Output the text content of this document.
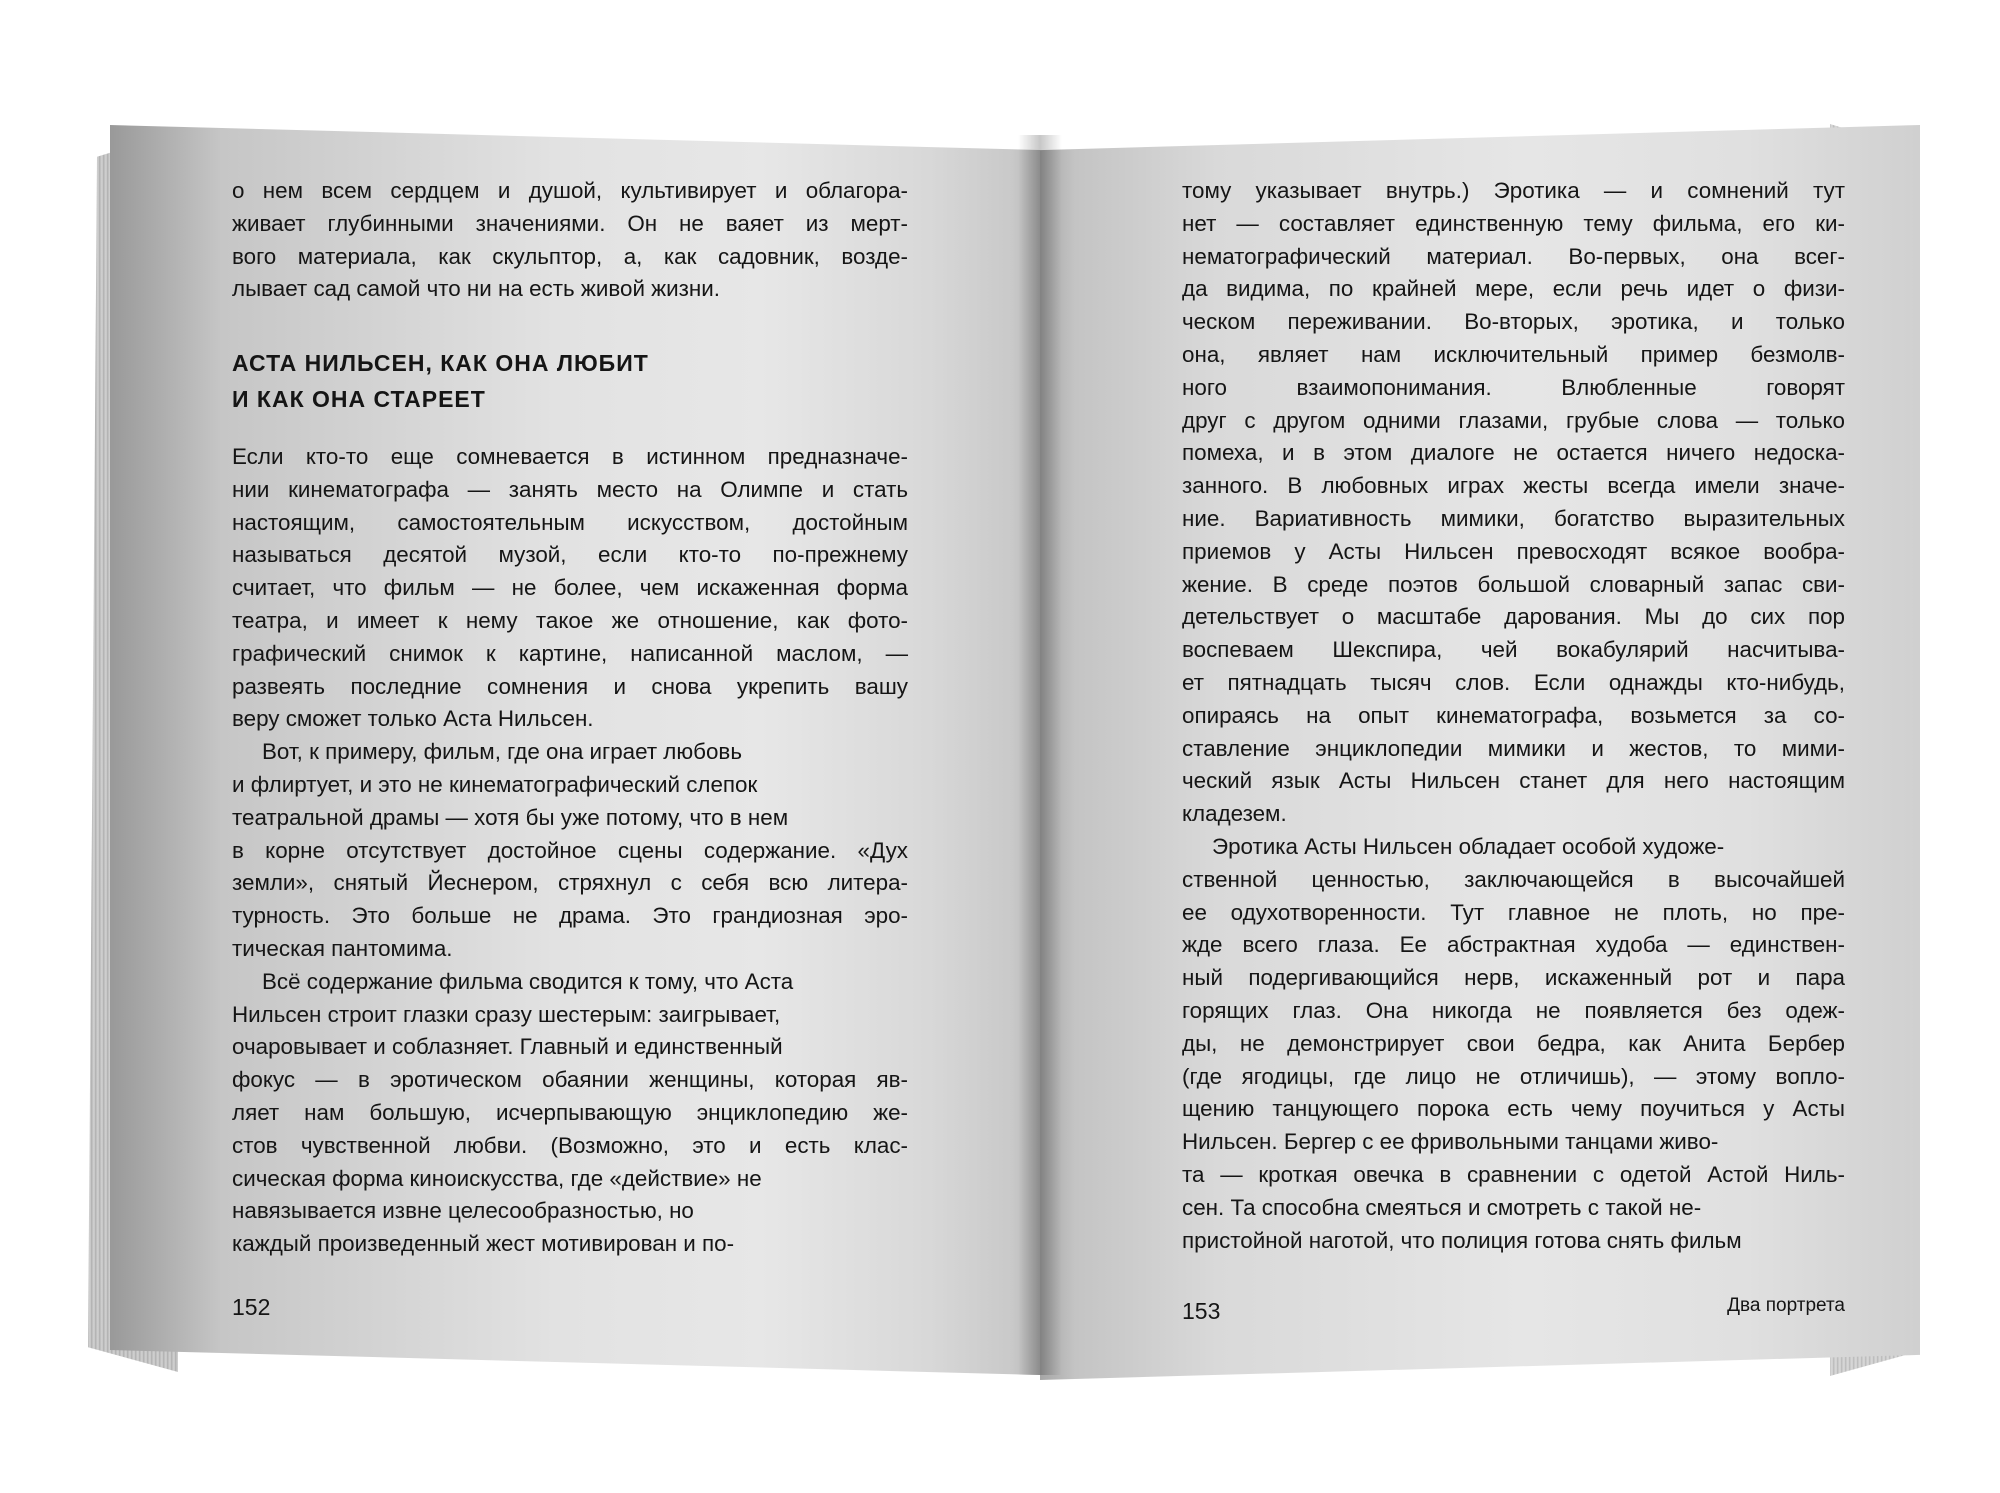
о нем всем сердцем и душой, культивирует и облагора-
живает глубинными значениями. Он не ваяет из мерт-
вого материала, как скульптор, а, как садовник, возде-
лывает сад самой что ни на есть живой жизни.
АСТА НИЛЬСЕН, КАК ОНА ЛЮБИТ
И КАК ОНА СТАРЕЕТ
Если кто-то еще сомневается в истинном предназначе-
нии кинематографа — занять место на Олимпе и стать
настоящим, самостоятельным искусством, достойным
называться десятой музой, если кто-то по-прежнему
считает, что фильм — не более, чем искаженная форма
театра, и имеет к нему такое же отношение, как фото-
графический снимок к картине, написанной маслом, —
развеять последние сомнения и снова укрепить вашу
веру сможет только Аста Нильсен.
Вот, к примеру, фильм, где она играет любовь
и флиртует, и это не кинематографический слепок
театральной драмы — хотя бы уже потому, что в нем
в корне отсутствует достойное сцены содержание. «Дух
земли», снятый Йеснером, стряхнул с себя всю литера-
турность. Это больше не драма. Это грандиозная эро-
тическая пантомима.
Всё содержание фильма сводится к тому, что Аста
Нильсен строит глазки сразу шестерым: заигрывает,
очаровывает и соблазняет. Главный и единственный
фокус — в эротическом обаянии женщины, которая яв-
ляет нам большую, исчерпывающую энциклопедию же-
стов чувственной любви. (Возможно, это и есть клас-
сическая форма киноискусства, где «действие» не
навязывается извне целесообразностью, но
каждый произведенный жест мотивирован и по-
152
тому указывает внутрь.) Эротика — и сомнений тут
нет — составляет единственную тему фильма, его ки-
нематографический материал. Во-первых, она всег-
да видима, по крайней мере, если речь идет о физи-
ческом переживании. Во-вторых, эротика, и только
она, являет нам исключительный пример безмолв-
ного взаимопонимания. Влюбленные говорят
друг с другом одними глазами, грубые слова — только
помеха, и в этом диалоге не остается ничего недоска-
занного. В любовных играх жесты всегда имели значе-
ние. Вариативность мимики, богатство выразительных
приемов у Асты Нильсен превосходят всякое вообра-
жение. В среде поэтов большой словарный запас сви-
детельствует о масштабе дарования. Мы до сих пор
воспеваем Шекспира, чей вокабулярий насчитыва-
ет пятнадцать тысяч слов. Если однажды кто-нибудь,
опираясь на опыт кинематографа, возьмется за со-
ставление энциклопедии мимики и жестов, то мими-
ческий язык Асты Нильсен станет для него настоящим
кладезем.
Эротика Асты Нильсен обладает особой художе-
ственной ценностью, заключающейся в высочайшей
ее одухотворенности. Тут главное не плоть, но пре-
жде всего глаза. Ее абстрактная худоба — единствен-
ный подергивающийся нерв, искаженный рот и пара
горящих глаз. Она никогда не появляется без одеж-
ды, не демонстрирует свои бедра, как Анита Бербер
(где ягодицы, где лицо не отличишь), — этому вопло-
щению танцующего порока есть чему поучиться у Асты
Нильсен. Бергер с ее фривольными танцами живо-
та — кроткая овечка в сравнении с одетой Астой Ниль-
сен. Та способна смеяться и смотреть с такой не-
пристойной наготой, что полиция готова снять фильм
153	Два портрета
